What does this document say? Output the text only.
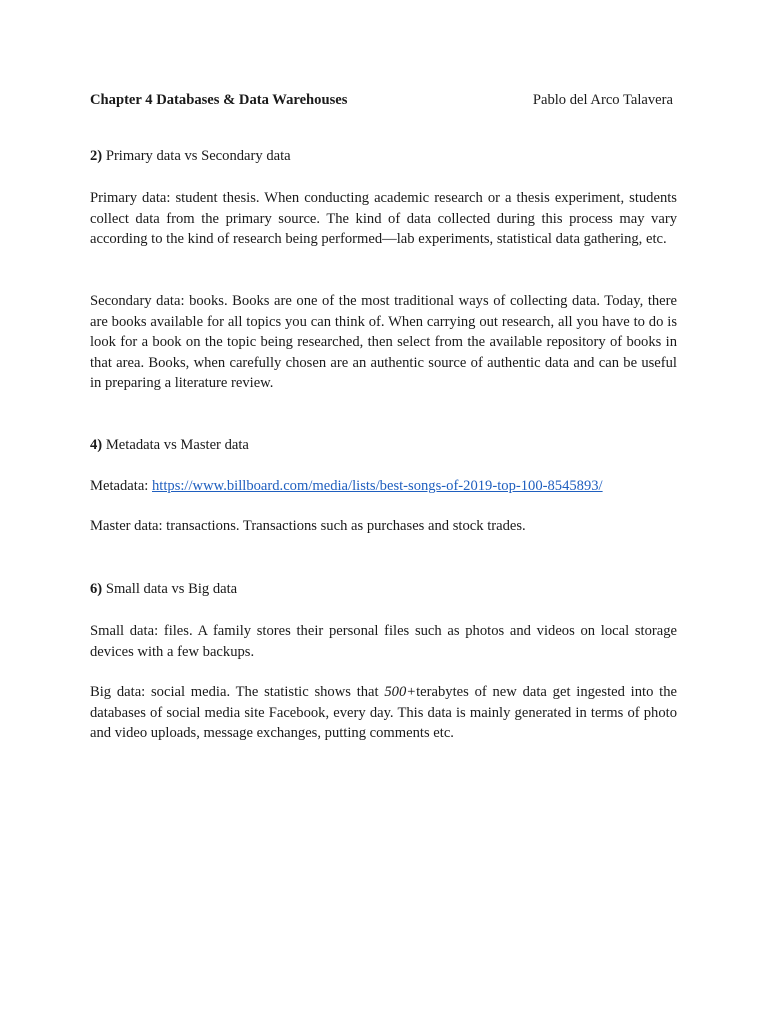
Chapter 4 Databases & Data Warehouses	Pablo del Arco Talavera
2) Primary data vs Secondary data

Primary data: student thesis. When conducting academic research or a thesis experiment, students collect data from the primary source. The kind of data collected during this process may vary according to the kind of research being performed—lab experiments, statistical data gathering, etc.

Secondary data: books. Books are one of the most traditional ways of collecting data. Today, there are books available for all topics you can think of. When carrying out research, all you have to do is look for a book on the topic being researched, then select from the available repository of books in that area. Books, when carefully chosen are an authentic source of authentic data and can be useful in preparing a literature review.

4) Metadata vs Master data

Metadata: https://www.billboard.com/media/lists/best-songs-of-2019-top-100-8545893/

Master data: transactions. Transactions such as purchases and stock trades.

6) Small data vs Big data

Small data: files. A family stores their personal files such as photos and videos on local storage devices with a few backups.

Big data: social media. The statistic shows that 500+terabytes of new data get ingested into the databases of social media site Facebook, every day. This data is mainly generated in terms of photo and video uploads, message exchanges, putting comments etc.
